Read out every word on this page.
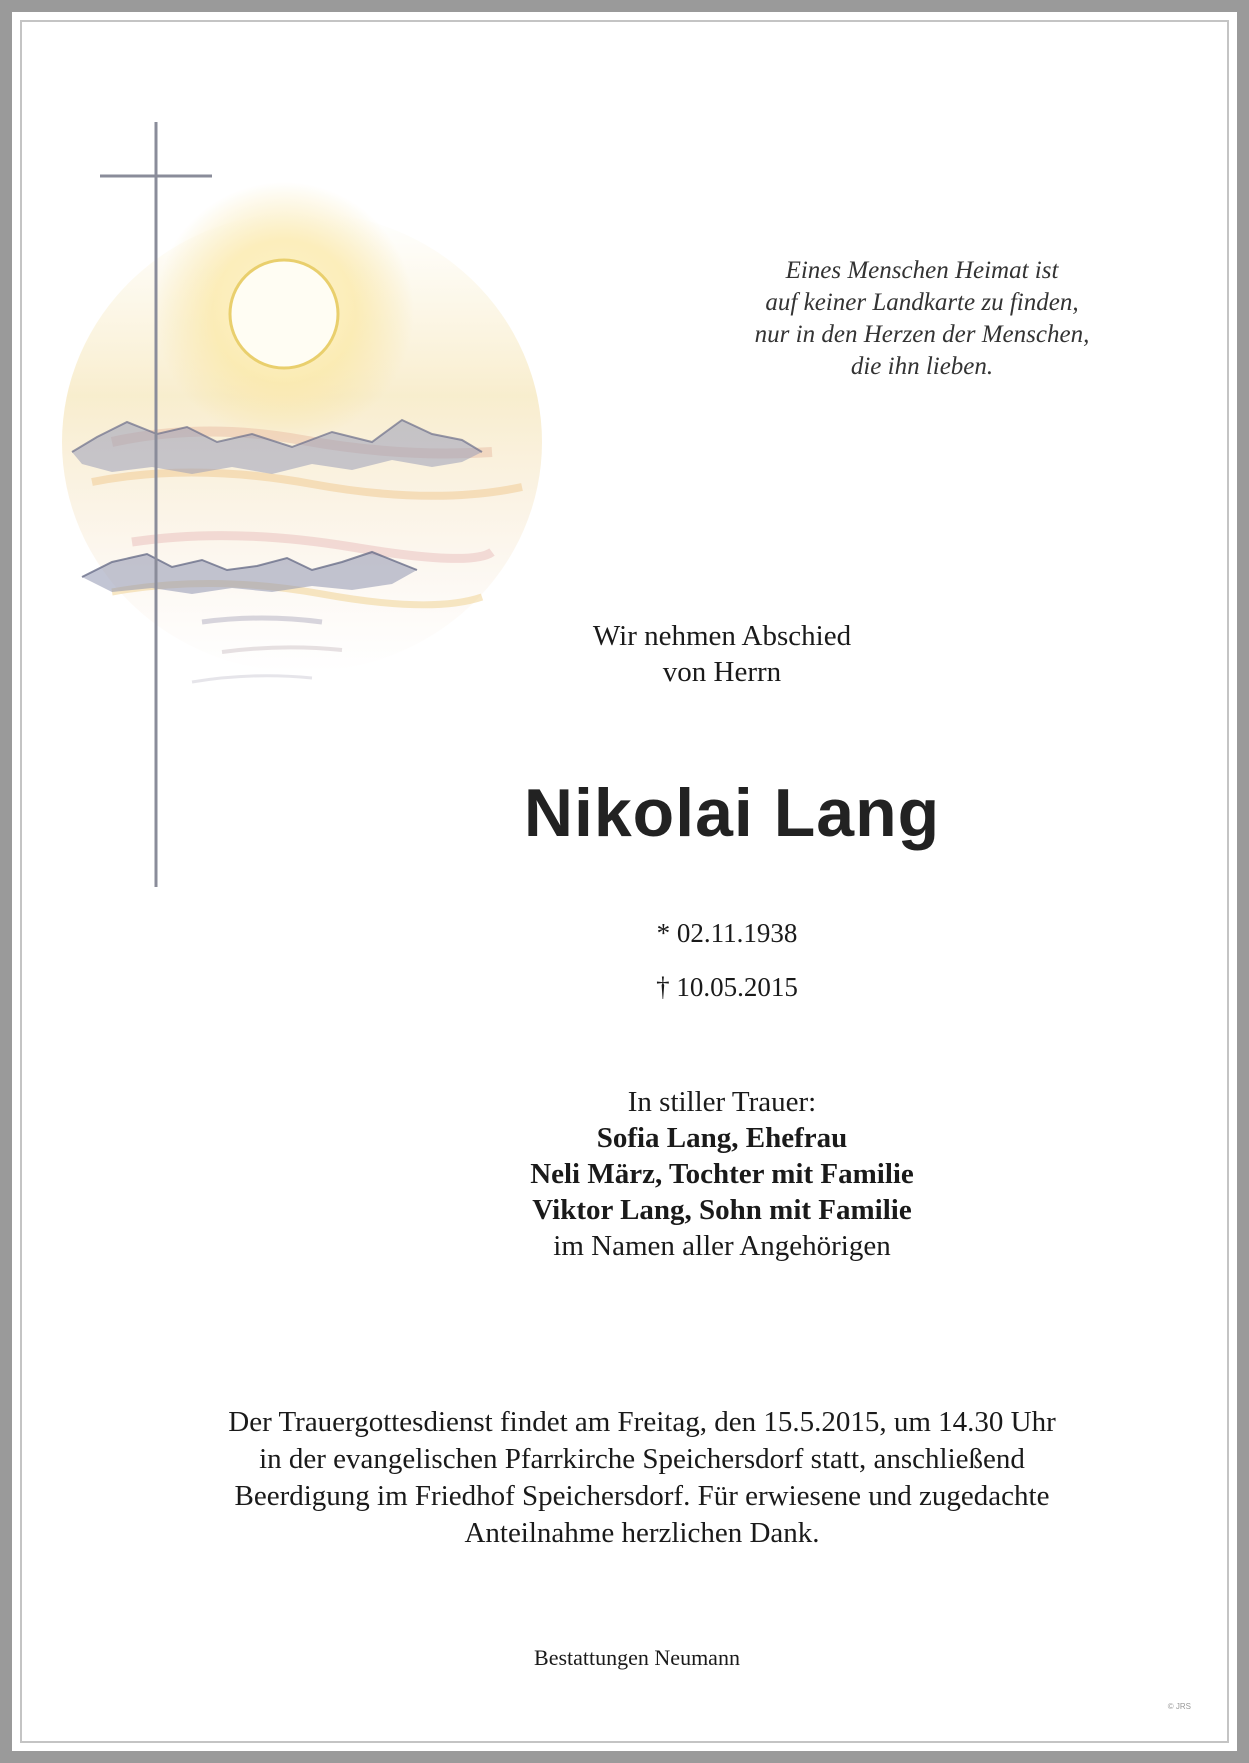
Eines Menschen Heimat ist
auf keiner Landkarte zu finden,
nur in den Herzen der Menschen,
die ihn lieben.
Wir nehmen Abschied
von Herrn
Nikolai Lang
* 02.11.1938
† 10.05.2015
In stiller Trauer:
Sofia Lang, Ehefrau
Neli März, Tochter mit Familie
Viktor Lang, Sohn mit Familie
im Namen aller Angehörigen
Der Trauergottesdienst findet am Freitag, den 15.5.2015, um 14.30 Uhr
in der evangelischen Pfarrkirche Speichersdorf statt, anschließend
Beerdigung im Friedhof Speichersdorf. Für erwiesene und zugedachte
Anteilnahme herzlichen Dank.
Bestattungen Neumann
© JRS
